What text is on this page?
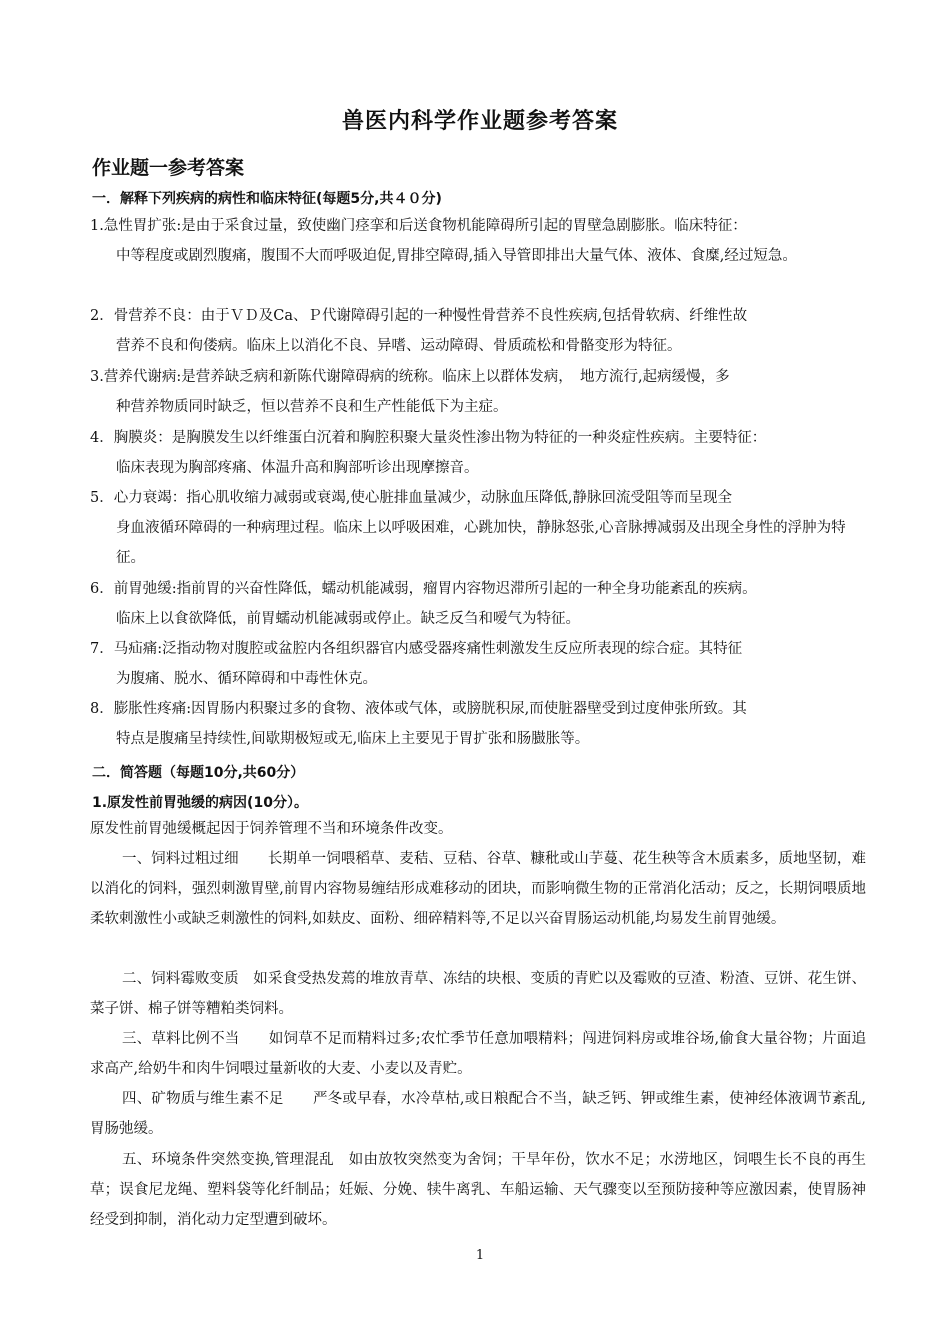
兽医内科学作业题参考答案
作业题一参考答案
一．解释下列疾病的病性和临床特征(每题5分,共４０分)
1.急性胃扩张:是由于采食过量，致使幽门痉挛和后送食物机能障碍所引起的胃壁急剧膨胀。临床特征：
中等程度或剧烈腹痛，腹围不大而呼吸迫促,胃排空障碍,插入导管即排出大量气体、液体、食糜,经过短急。
2．骨营养不良：由于ＶＤ及Ca、Ｐ代谢障碍引起的一种慢性骨营养不良性疾病,包括骨软病、纤维性故
营养不良和佝偻病。临床上以消化不良、异嗜、运动障碍、骨质疏松和骨骼变形为特征。
3.营养代谢病:是营养缺乏病和新陈代谢障碍病的统称。临床上以群体发病，　地方流行,起病缓慢，多
种营养物质同时缺乏，恒以营养不良和生产性能低下为主症。
4．胸膜炎：是胸膜发生以纤维蛋白沉着和胸腔积聚大量炎性渗出物为特征的一种炎症性疾病。主要特征：
临床表现为胸部疼痛、体温升高和胸部听诊出现摩擦音。
5．心力衰竭：指心肌收缩力减弱或衰竭,使心脏排血量减少，动脉血压降低,静脉回流受阻等而呈现全
身血液循环障碍的一种病理过程。临床上以呼吸困难，心跳加快，静脉怒张,心音脉搏减弱及出现全身性的浮肿为特征。
6．前胃弛缓:指前胃的兴奋性降低，蠕动机能减弱，瘤胃内容物迟滞所引起的一种全身功能紊乱的疾病。
临床上以食欲降低，前胃蠕动机能减弱或停止。缺乏反刍和嗳气为特征。
7．马疝痛:泛指动物对腹腔或盆腔内各组织器官内感受器疼痛性刺激发生反应所表现的综合症。其特征
为腹痛、脱水、循环障碍和中毒性休克。
8．膨胀性疼痛:因胃肠内积聚过多的食物、液体或气体，或膀胱积尿,而使脏器壁受到过度伸张所致。其
特点是腹痛呈持续性,间歇期极短或无,临床上主要见于胃扩张和肠臌胀等。
二．简答题（每题10分,共60分）
1.原发性前胃弛缓的病因(10分）。
原发性前胃弛缓概起因于饲养管理不当和环境条件改变。
一、饲料过粗过细　　长期单一饲喂稻草、麦秸、豆秸、谷草、糠秕或山芋蔓、花生秧等含木质素多，质地坚韧，难以消化的饲料，强烈刺激胃壁,前胃内容物易缠结形成难移动的团块，而影响微生物的正常消化活动；反之，长期饲喂质地柔软刺激性小或缺乏刺激性的饲料,如麸皮、面粉、细碎精料等,不足以兴奋胃肠运动机能,均易发生前胃弛缓。
二、饲料霉败变质　如采食受热发蔫的堆放青草、冻结的块根、变质的青贮以及霉败的豆渣、粉渣、豆饼、花生饼、菜子饼、棉子饼等糟粕类饲料。
三、草料比例不当　　如饲草不足而精料过多;农忙季节任意加喂精料；闯进饲料房或堆谷场,偷食大量谷物；片面追求高产,给奶牛和肉牛饲喂过量新收的大麦、小麦以及青贮。
四、矿物质与维生素不足　　严冬或早春，水冷草枯,或日粮配合不当，缺乏钙、钾或维生素，使神经体液调节紊乱,胃肠弛缓。
五、环境条件突然变换,管理混乱　如由放牧突然变为舍饲；干旱年份，饮水不足；水涝地区，饲喂生长不良的再生草；误食尼龙绳、塑料袋等化纤制品；妊娠、分娩、犊牛离乳、车船运输、天气骤变以至预防接种等应激因素，使胃肠神经受到抑制，消化动力定型遭到破坏。
1
